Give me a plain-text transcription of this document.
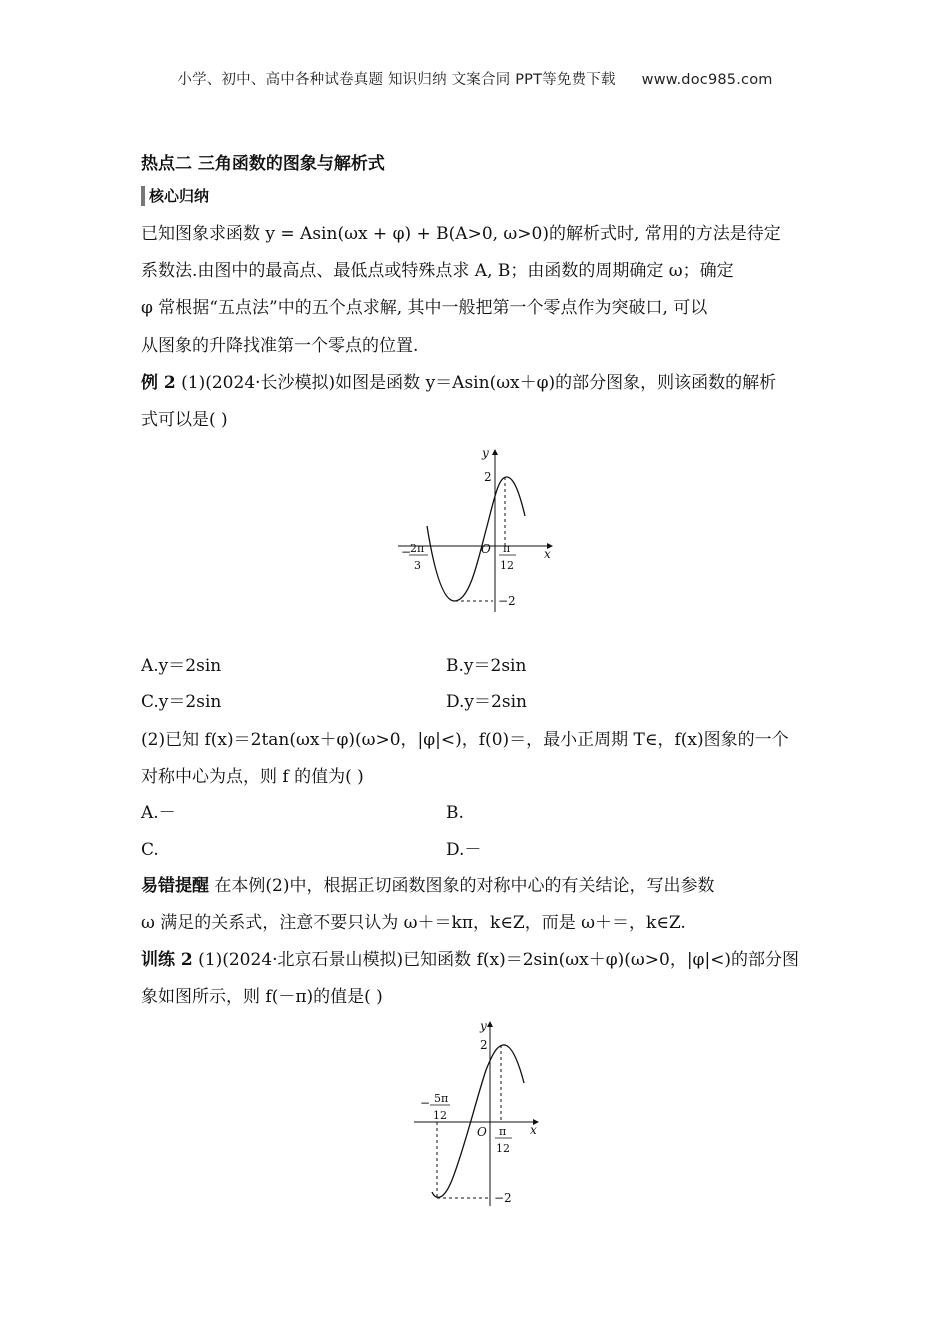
小学、初中、高中各种试卷真题 知识归纳 文案合同 PPT等免费下载 www.doc985.com
热点二 三角函数的图象与解析式
核心归纳
已知图象求函数 y = Asin(ωx + φ) + B(A>0, ω>0)的解析式时, 常用的方法是待定
系数法.由图中的最高点、最低点或特殊点求 A, B；由函数的周期确定 ω；确定
φ 常根据“五点法”中的五个点求解, 其中一般把第一个零点作为突破口, 可以
从图象的升降找准第一个零点的位置.
例 2 (1)(2024·长沙模拟)如图是函数 y＝Asin(ωx＋φ)的部分图象，则该函数的解析
式可以是( )
y
x
O
2
−2
−
2π
3
π
12
A.y＝2sin	B.y＝2sin
C.y＝2sin	D.y＝2sin
(2)已知 f(x)＝2tan(ωx＋φ)(ω>0，|φ|<)，f(0)＝，最小正周期 T∈，f(x)图象的一个
对称中心为点，则 f 的值为( )
A.－	B.
C.	D.－
易错提醒 在本例(2)中，根据正切函数图象的对称中心的有关结论，写出参数
ω 满足的关系式，注意不要只认为 ω＋＝kπ，k∈Z，而是 ω＋＝，k∈Z.
训练 2 (1)(2024·北京石景山模拟)已知函数 f(x)＝2sin(ωx＋φ)(ω>0，|φ|<)的部分图
象如图所示，则 f(－π)的值是( )
y
x
O
2
−2
− 5π
12
π
12
